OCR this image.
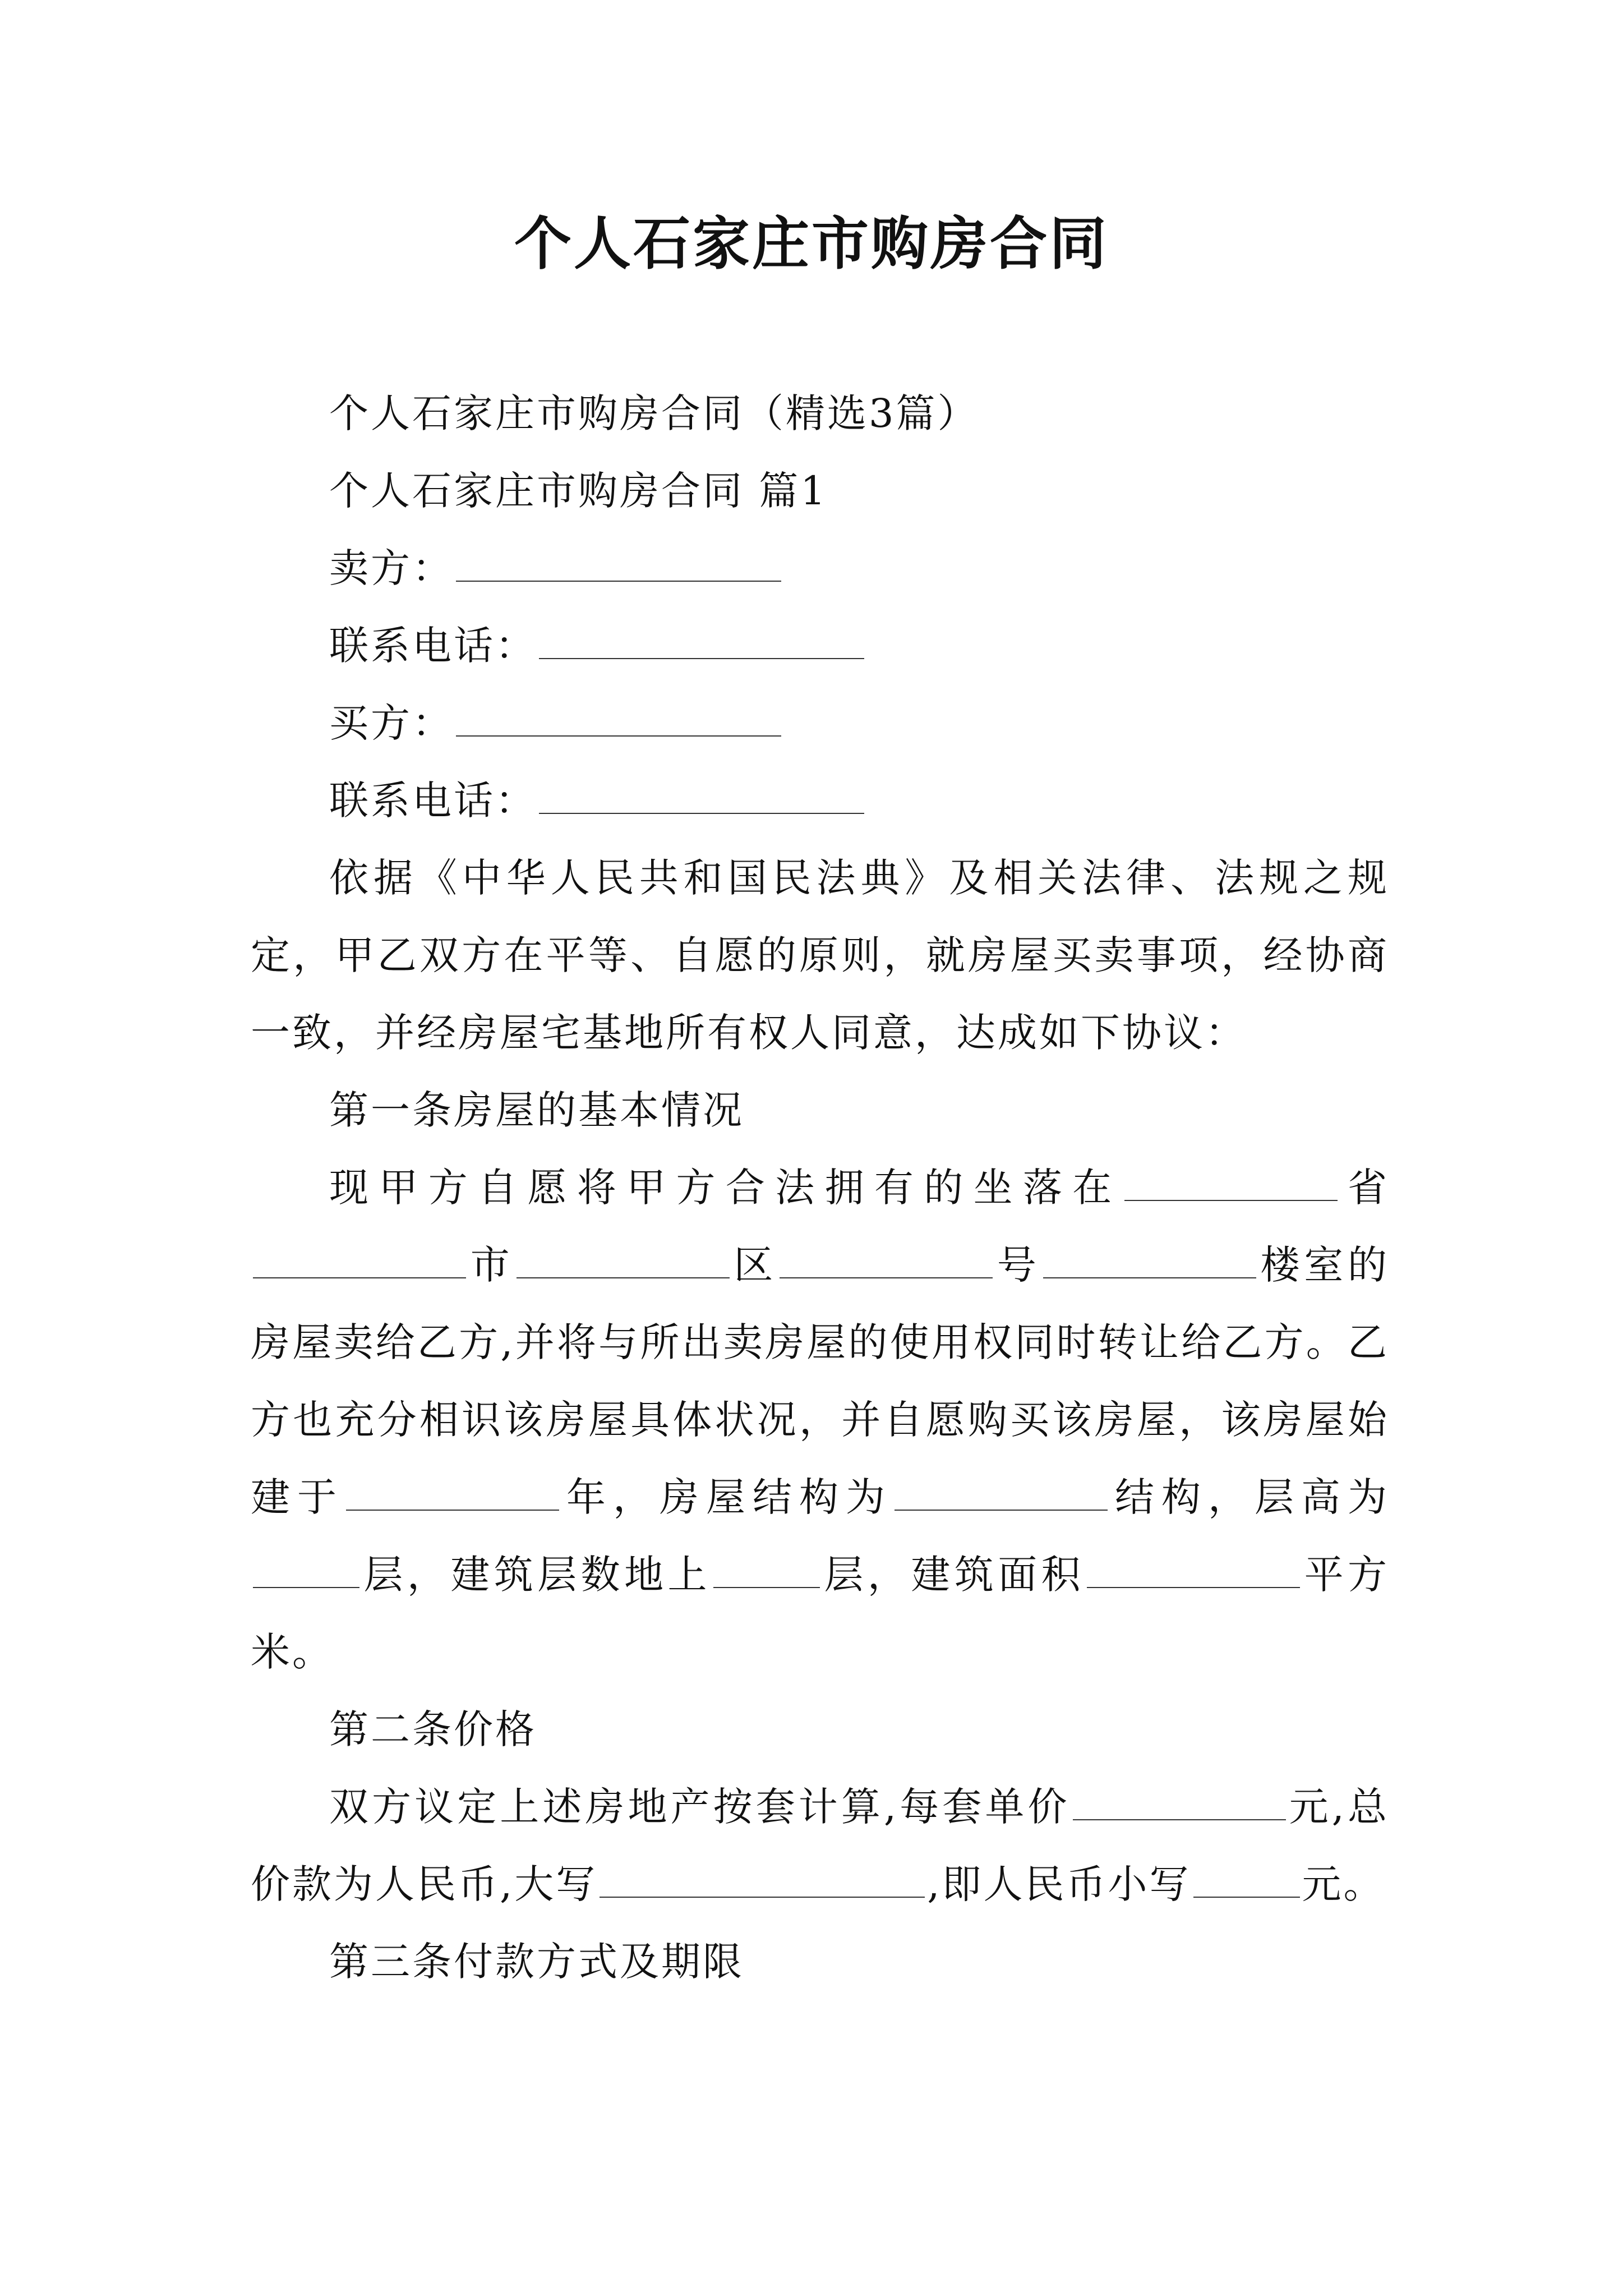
个人石家庄市购房合同

个人石家庄市购房合同（精选3篇）

个人石家庄市购房合同 篇1

卖方：

联系电话：

买方：

联系电话：

依据《中华人民共和国民法典》及相关法律、法规之规定，甲乙双方在平等、自愿的原则，就房屋买卖事项，经协商一致，并经房屋宅基地所有权人同意，达成如下协议：

第一条房屋的基本情况

现甲方自愿将甲方合法拥有的坐落在	省市	区	号	楼室的房屋卖给乙方,并将与所出卖房屋的使用权同时转让给乙方。乙方也充分相识该房屋具体状况，并自愿购买该房屋，该房屋始建于	年，房屋结构为	结构，层高为层，建筑层数地上	层，建筑面积	平方米。

第二条价格

双方议定上述房地产按套计算,每套单价	元,总价款为人民币,大写	,即人民币小写	元。

第三条付款方式及期限
